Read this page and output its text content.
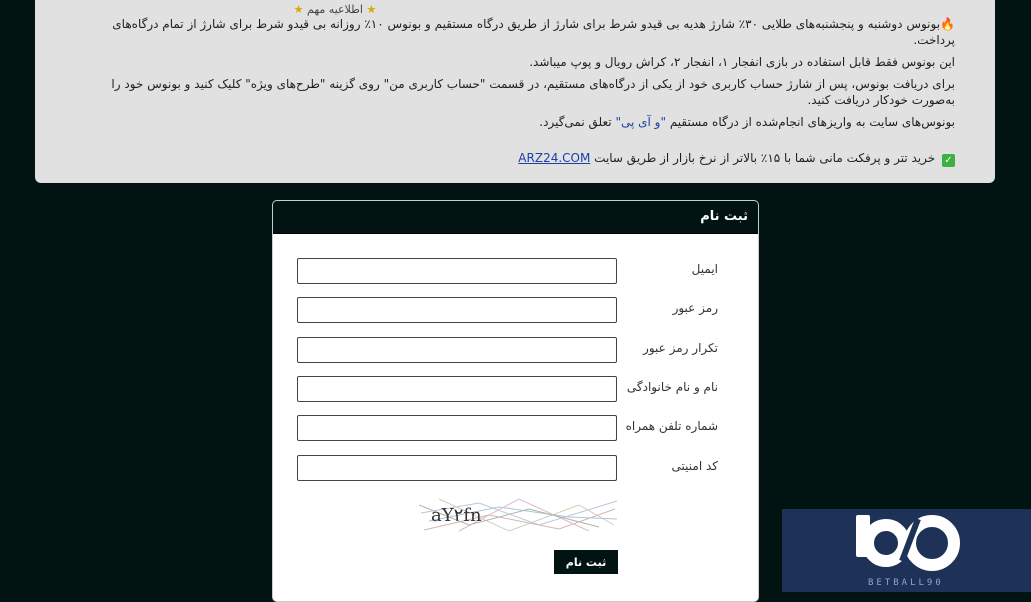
★ اطلاعیه مهم ★

🔥بونوس دوشنبه و پنجشنبه‌های طلایی ۳۰٪ شارژ هدیه بی قیدو شرط برای شارژ از طریق درگاه مستقیم و بونوس ۱۰٪ روزانه بی قیدو شرط برای شارژ از تمام درگاه‌های پرداخت.

این بونوس فقط قابل استفاده در بازی انفجار ۱، انفجار ۲، کراش رویال و پوپ میباشد.

برای دریافت بونوس، پس از شارژ حساب کاربری خود از یکی از درگاه‌های مستقیم، در قسمت "حساب کاربری من" روی گزینه "طرح‌های ویژه" کلیک کنید و بونوس خود را به‌صورت خودکار دریافت کنید.

بونوس‌های سایت به واریزهای انجام‌شده از درگاه مستقیم "و آی پی" تعلق نمی‌گیرد.

✓ خرید تتر و پرفکت مانی شما با ۱۵٪ بالاتر از نرخ بازار از طریق سایت ARZ24.COM

ثبت نام
ایمیل
رمز عبور
تکرار رمز عبور
نام و نام خانوادگی
شماره تلفن همراه
کد امنیتی
aY۲fn
ثبت نام
BETBALL90
